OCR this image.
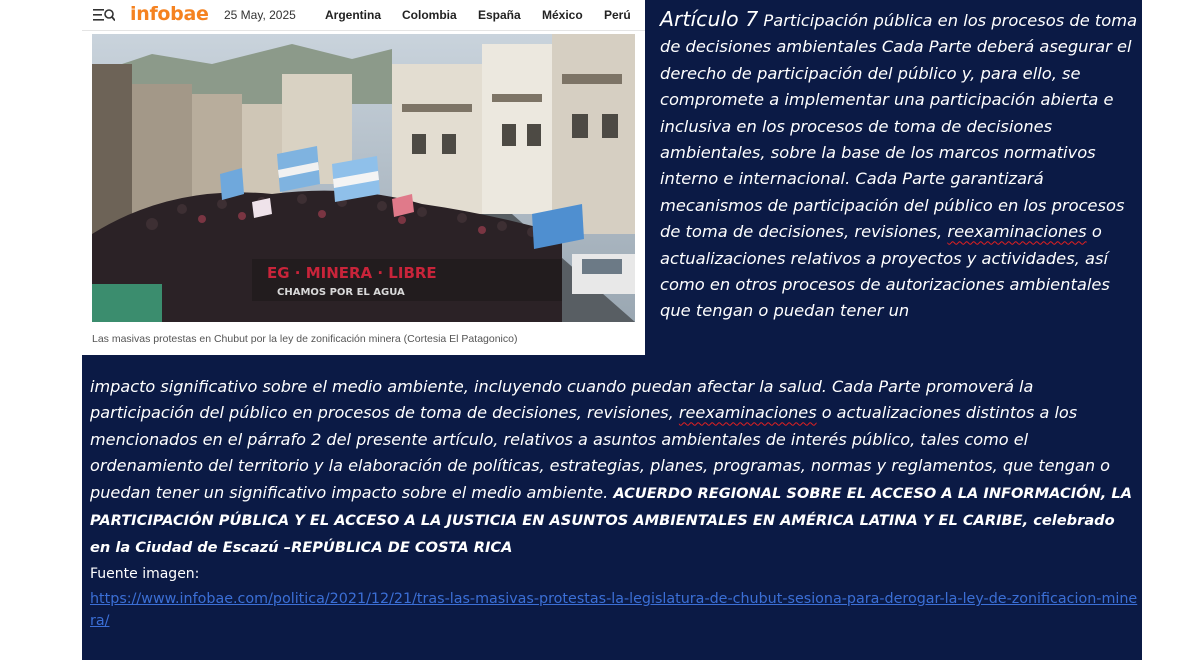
infobae 25 May, 2025 Argentina Colombia España México Perú
EG · MINERA · LIBRE
CHAMOS POR EL AGUA
Las masivas protestas en Chubut por la ley de zonificación minera (Cortesia El Patagonico)
Artículo 7 Participación pública en los procesos de toma de decisiones ambientales Cada Parte deberá asegurar el derecho de participación del público y, para ello, se compromete a implementar una participación abierta e inclusiva en los procesos de toma de decisiones ambientales, sobre la base de los marcos normativos interno e internacional. Cada Parte garantizará mecanismos de participación del público en los procesos de toma de decisiones, revisiones, reexaminaciones o actualizaciones relativos a proyectos y actividades, así como en otros procesos de autorizaciones ambientales que tengan o puedan tener un
impacto significativo sobre el medio ambiente, incluyendo cuando puedan afectar la salud. Cada Parte promoverá la participación del público en procesos de toma de decisiones, revisiones, reexaminaciones o actualizaciones distintos a los mencionados en el párrafo 2 del presente artículo, relativos a asuntos ambientales de interés público, tales como el ordenamiento del territorio y la elaboración de políticas, estrategias, planes, programas, normas y reglamentos, que tengan o puedan tener un significativo impacto sobre el medio ambiente. ACUERDO REGIONAL SOBRE EL ACCESO A LA INFORMACIÓN, LA PARTICIPACIÓN PÚBLICA Y EL ACCESO A LA JUSTICIA EN ASUNTOS AMBIENTALES EN AMÉRICA LATINA Y EL CARIBE, celebrado en la Ciudad de Escazú –REPÚBLICA DE COSTA RICA
Fuente imagen:
https://www.infobae.com/politica/2021/12/21/tras-las-masivas-protestas-la-legislatura-de-chubut-sesiona-para-derogar-la-ley-de-zonificacion-minera/
